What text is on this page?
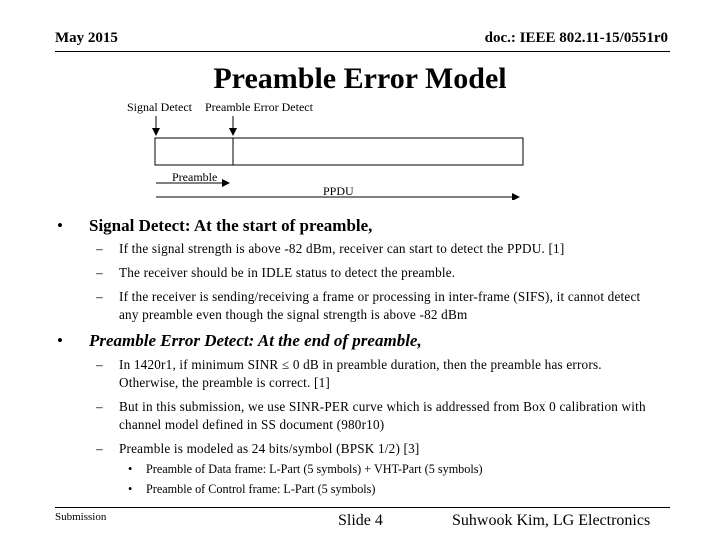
May 2015	doc.: IEEE 802.11-15/0551r0
Preamble Error Model
Signal Detect Preamble Error Detect
Preamble
PPDU
• Signal Detect: At the start of preamble,
–	If the signal strength is above -82 dBm, receiver can start to detect the PPDU. [1]
–	The receiver should be in IDLE status to detect the preamble.
–	If the receiver is sending/receiving a frame or processing in inter-frame (SIFS), it cannot detect any preamble even though the signal strength is above -82 dBm
• Preamble Error Detect: At the end of preamble,
–	In 1420r1, if minimum SINR ≤ 0 dB in preamble duration, then the preamble has errors. Otherwise, the preamble is correct. [1]
–	But in this submission, we use SINR-PER curve which is addressed from Box 0 calibration with channel model defined in SS document (980r10)
–	Preamble is modeled as 24 bits/symbol (BPSK 1/2) [3]
• Preamble of Data frame: L-Part (5 symbols) + VHT-Part (5 symbols)
• Preamble of Control frame: L-Part (5 symbols)
Submission	Slide 4	Suhwook Kim, LG Electronics
